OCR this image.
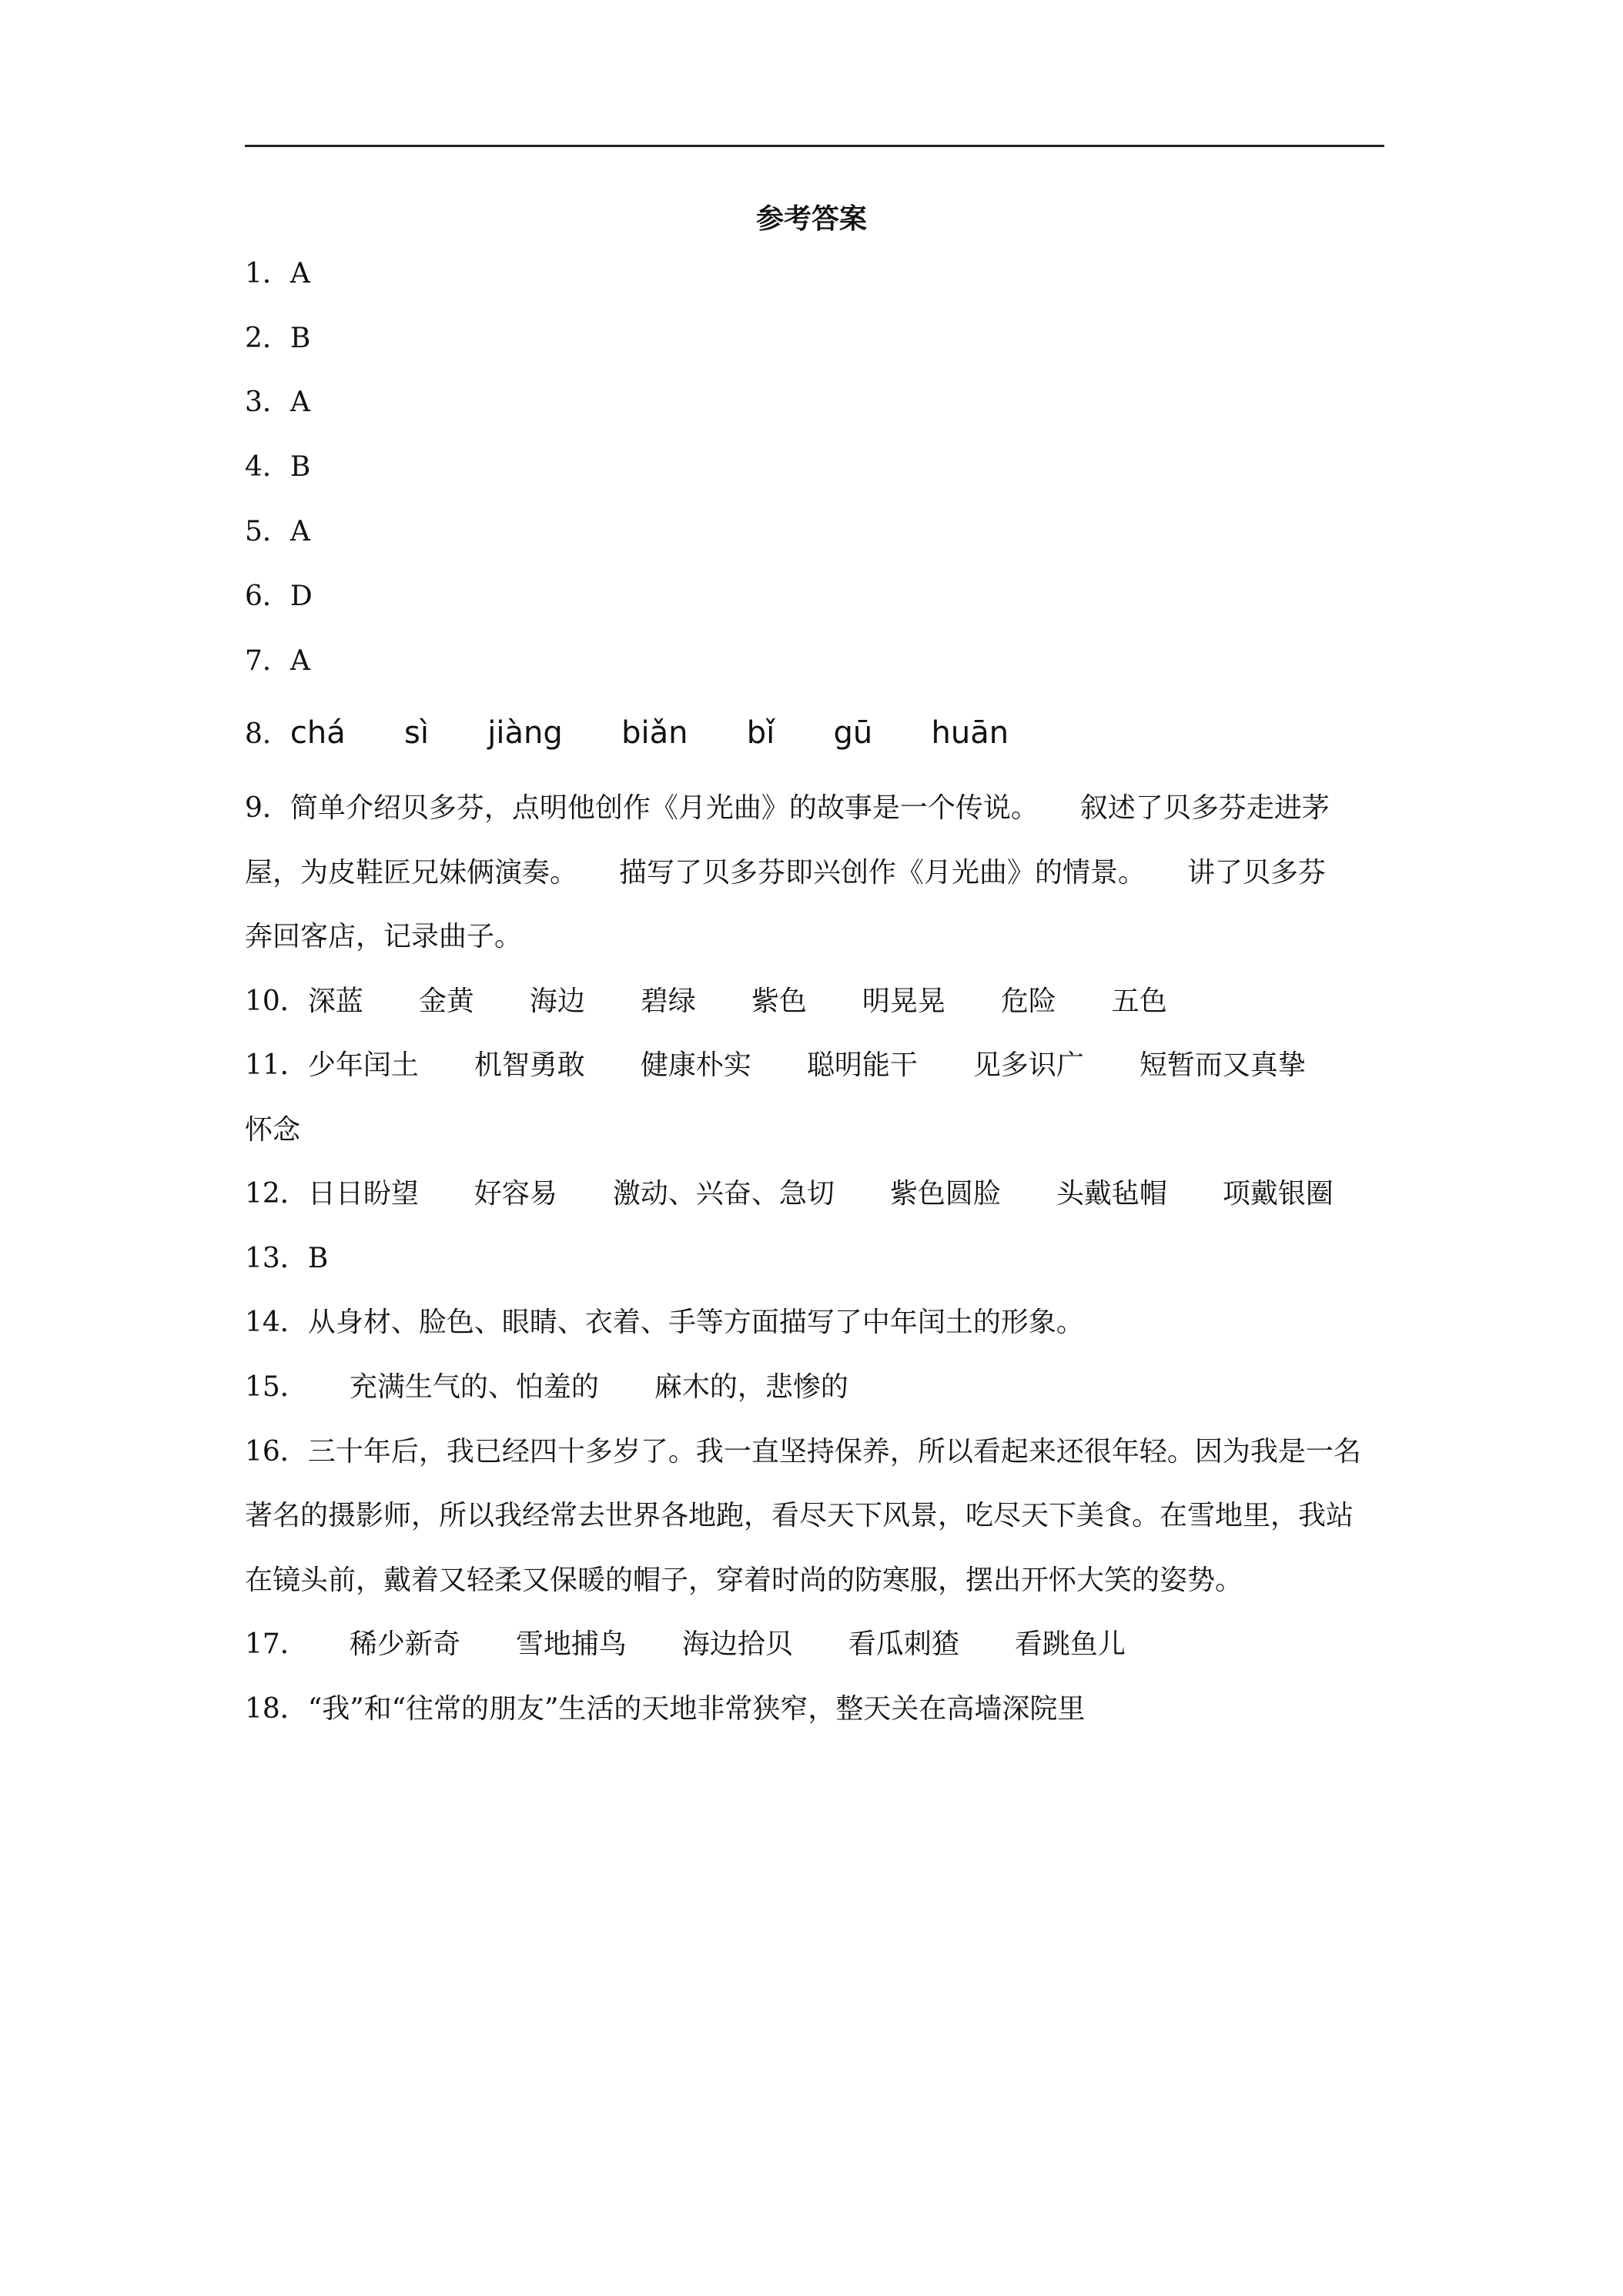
参考答案
1．A
2．B
3．A
4．B
5．A
6．D
7．A
8．chá      sì      jiàng      biǎn      bǐ      gū      huān
9．简单介绍贝多芬，点明他创作《月光曲》的故事是一个传说。　　叙述了贝多芬走进茅
屋，为皮鞋匠兄妹俩演奏。　　描写了贝多芬即兴创作《月光曲》的情景。　　讲了贝多芬
奔回客店，记录曲子。
10．深蓝　　金黄　　海边　　碧绿　　紫色　　明晃晃　　危险　　五色
11．少年闰土　　机智勇敢　　健康朴实　　聪明能干　　见多识广　　短暂而又真挚
怀念
12．日日盼望　　好容易　　激动、兴奋、急切　　紫色圆脸　　头戴毡帽　　项戴银圈
13．B
14．从身材、脸色、眼睛、衣着、手等方面描写了中年闰土的形象。
15．　　充满生气的、怕羞的　　麻木的，悲惨的
16．三十年后，我已经四十多岁了。我一直坚持保养，所以看起来还很年轻。因为我是一名
著名的摄影师，所以我经常去世界各地跑，看尽天下风景，吃尽天下美食。在雪地里，我站
在镜头前，戴着又轻柔又保暖的帽子，穿着时尚的防寒服，摆出开怀大笑的姿势。
17．　　稀少新奇　　雪地捕鸟　　海边拾贝　　看瓜刺猹　　看跳鱼儿
18．“我”和“往常的朋友”生活的天地非常狭窄，整天关在高墙深院里
